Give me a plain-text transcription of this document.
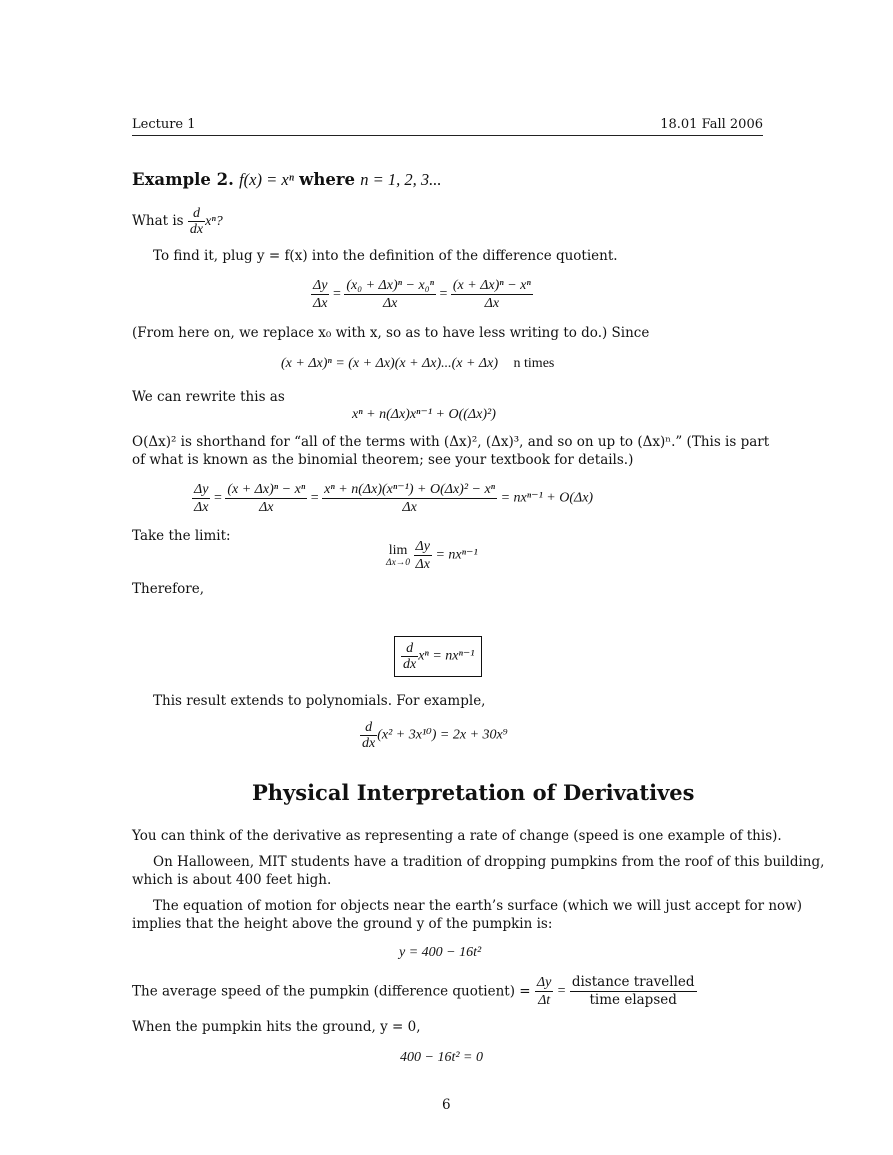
Lecture 1	18.01 Fall 2006
Example 2. f(x) = xⁿ where n = 1, 2, 3...
What is $\frac{d}{dx} x^n$?
To find it, plug y = f(x) into the definition of the difference quotient.
$\frac{\Delta y}{\Delta x} = \frac{\text{(x₀ + Δx)ⁿ − x₀ⁿ}}{\Delta x} = \frac{\text{(x + Δx)ⁿ − xⁿ}}{\Delta x}$
(From here on, we replace x₀ with x, so as to have less writing to do.) Since
(x + Δx)ⁿ = (x + Δx)(x + Δx)...(x + Δx) n times
We can rewrite this as
xⁿ + n(Δx)xⁿ⁻¹ + O((Δx)²)
O(Δx)² is shorthand for “all of the terms with (Δx)², (Δx)³, and so on up to (Δx)ⁿ.” (This is part
of what is known as the binomial theorem; see your textbook for details.)
$\frac{\Delta y}{\Delta x} = \frac{\text{(x + Δx)ⁿ − xⁿ}}{\Delta x} = \frac{\text{xⁿ + n(Δx)(xⁿ⁻¹) + O(Δx)² − xⁿ}}{\Delta x} = nx^{n-1} + O(\Delta x)$
Take the limit:
lim
Δx→0
$\frac{\Delta y}{\Delta x} = nx^{n-1}$
Therefore,
$\frac{d}{dx}$ xⁿ = nxⁿ⁻¹
This result extends to polynomials. For example,
$\frac{d}{dx} (x^2 + 3x^{10}) = 2x + 30x^9$
Physical Interpretation of Derivatives
You can think of the derivative as representing a rate of change (speed is one example of this).
On Halloween, MIT students have a tradition of dropping pumpkins from the roof of this building,
which is about 400 feet high.
The equation of motion for objects near the earth’s surface (which we will just accept for now)
implies that the height above the ground y of the pumpkin is:
y = 400 − 16t²
The average speed of the pumpkin (difference quotient) = $\frac{\Delta y}{\Delta t} = \frac{\text{distance travelled}}{\text{time elapsed}}$
When the pumpkin hits the ground, y = 0,
400 − 16t² = 0
6
